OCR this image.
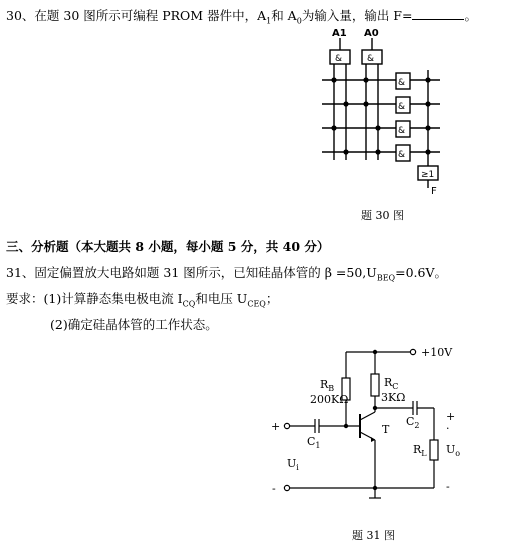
30、在题 30 图所示可编程 PROM 器件中，$A_1$和 $A_0$为输入量，输出 F=	。
A1 A0
&	&
&
&
&
&
≥1
F
题 30 图
三、分析题（本大题共 8 小题，每小题 5 分，共 40 分）
31、固定偏置放大电路如题 31 图所示，已知硅晶体管的 $\beta =50,U_{BEQ}=0.6V$。
要求：(1)计算静态集电极电流 $I_{CQ}$和电压 $U_{CEQ}$；
(2)确定硅晶体管的工作状态。
+10V
$R_B$
200KΩ
$R_C$
3KΩ
$C_1$
$C_2$
T
$R_L$
$U_i$
$U_o$
+
-
+
·
-
题 31 图
